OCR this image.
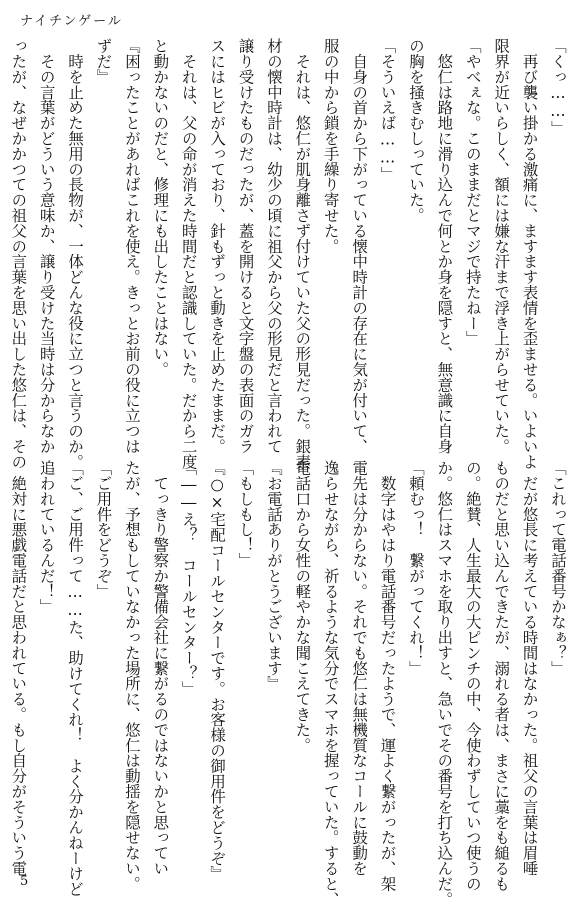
ナイチンゲール

「くっ……」

　再び襲い掛かる激痛に、ますます表情を歪ませる。いよいよ

限界が近いらしく、額には嫌な汗まで浮き上がらせていた。

「やべぇな。このままだとマジで持たねー」

　悠仁は路地に滑り込んで何とか身を隠すと、無意識に自身

の胸を掻きむしっていた。

「そういえば……」

　自身の首から下がっている懐中時計の存在に気が付いて、

服の中から鎖を手繰り寄せた。

　それは、悠仁が肌身離さず付けていた父の形見だった。銀素

材の懐中時計は、幼少の頃に祖父から父の形見だと言われて

譲り受けたものだったが、蓋を開けると文字盤の表面のガラ

スにはヒビが入っており、針もずっと動きを止めたままだ。

　それは、父の命が消えた時間だと認識していた。だから二度

と動かないのだと、修理にも出したことはない。

『困ったことがあればこれを使え。きっとお前の役に立つは

ずだ』

　時を止めた無用の長物が、一体どんな役に立つと言うのか。

　その言葉がどういう意味か、譲り受けた当時は分からなか

ったが、なぜかかつての祖父の言葉を思い出した悠仁は、その

「これって電話番号かなぁ？」

　だが悠長に考えている時間はなかった。祖父の言葉は眉唾

ものだと思い込んできたが、溺れる者は、まさに藁をも縋るも

の。絶賛、人生最大の大ピンチの中、今使わずしていつ使うの

か。悠仁はスマホを取り出すと、急いでその番号を打ち込んだ。

「頼むっ！　繋がってくれ！」

　数字はやはり電話番号だったようで、運よく繋がったが、架

電先は分からない。それでも悠仁は無機質なコールに鼓動を

逸らせながら、祈るような気分でスマホを握っていた。すると、

電話口から女性の軽やかな聞こえてきた。

『お電話ありがとうございます』

「もしもし！」

『○×宅配コールセンターです。お客様の御用件をどうぞ』

「――え？　コールセンター？」

　てっきり警察か警備会社に繋がるのではないかと思ってい

たが、予想もしていなかった場所に、悠仁は動揺を隠せない。

「ご用件をどうぞ」

「ご、ご用件って……た、助けてくれ！　よく分かんねーけど

追われているんだ！」

　絶対に悪戯電話だと思われている。もし自分がそういう電

5
